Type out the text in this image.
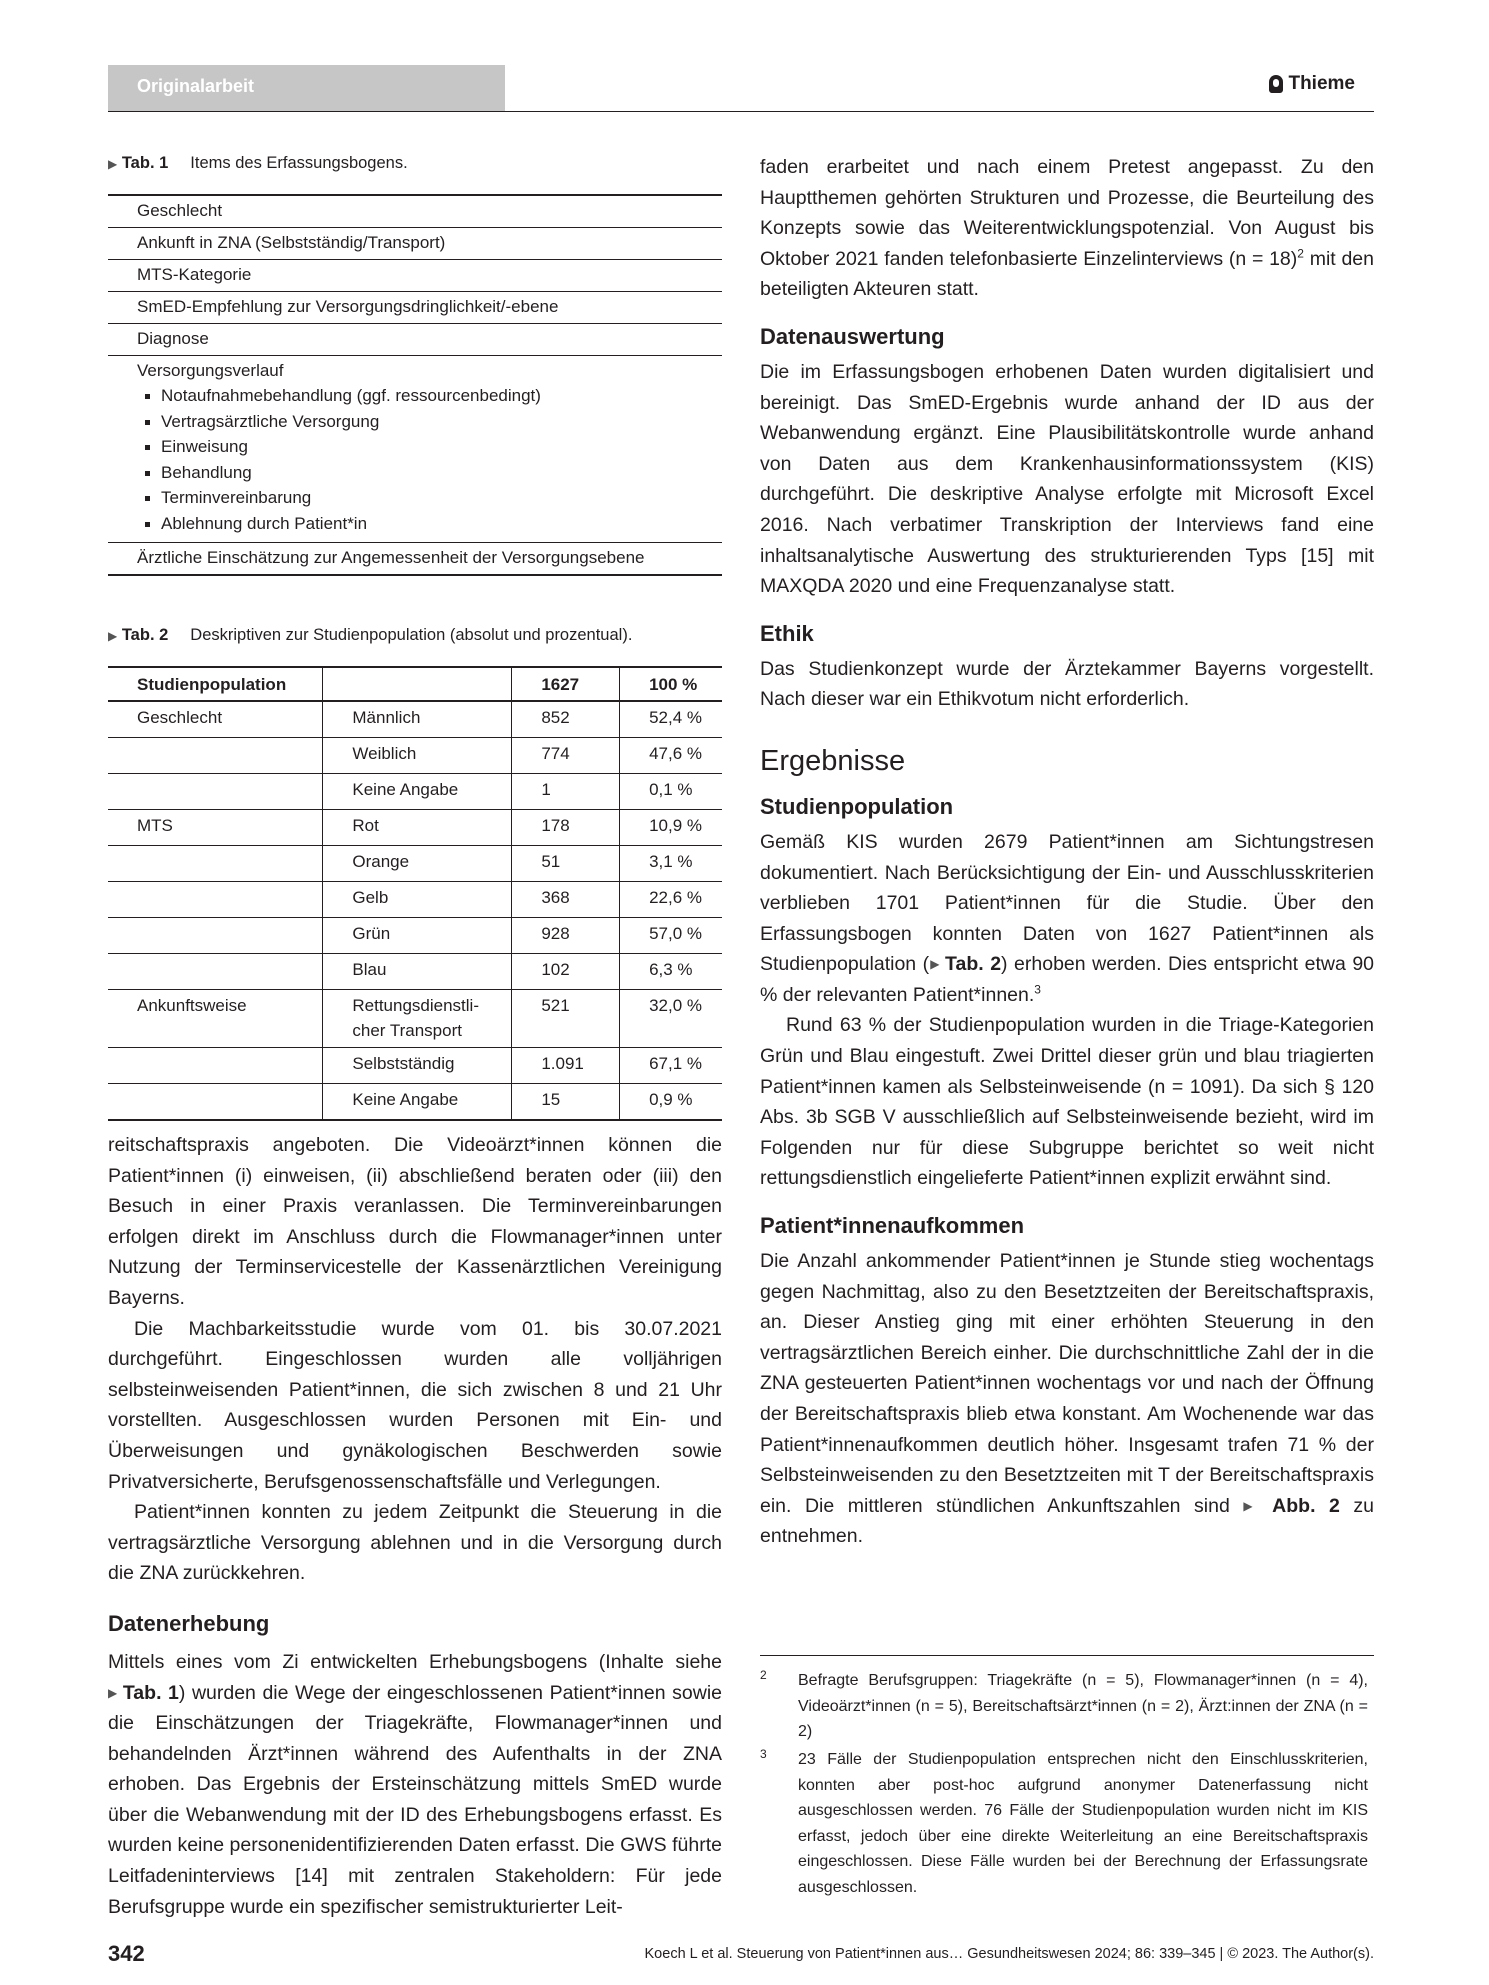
Originalarbeit	Thieme
▶ Tab. 1 Items des Erfassungsbogens.
Geschlecht
Ankunft in ZNA (Selbstständig/Transport)
MTS-Kategorie
SmED-Empfehlung zur Versorgungsdringlichkeit/-ebene
Diagnose
Versorgungsverlauf
Notaufnahmebehandlung (ggf. ressourcenbedingt)
Vertragsärztliche Versorgung
Einweisung
Behandlung
Terminvereinbarung
Ablehnung durch Patient*in
Ärztliche Einschätzung zur Angemessenheit der Versorgungsebene
▶ Tab. 2 Deskriptiven zur Studienpopulation (absolut und prozentual).
Studienpopulation		1627	100 %
Geschlecht	Männlich	852	52,4 %
	Weiblich	774	47,6 %
	Keine Angabe	1	0,1 %
MTS	Rot	178	10,9 %
	Orange	51	3,1 %
	Gelb	368	22,6 %
	Grün	928	57,0 %
	Blau	102	6,3 %
Ankunftsweise	Rettungsdienstli-cher Transport	521	32,0 %
	Selbstständig	1.091	67,1 %
	Keine Angabe	15	0,9 %

reitschaftspraxis angeboten. Die Videoärzt*innen können die Patient*innen (i) einweisen, (ii) abschließend beraten oder (iii) den Besuch in einer Praxis veranlassen. Die Terminvereinbarungen erfolgen direkt im Anschluss durch die Flowmanager*innen unter Nutzung der Terminservicestelle der Kassenärztlichen Vereinigung Bayerns.

Die Machbarkeitsstudie wurde vom 01. bis 30.07.2021 durchgeführt. Eingeschlossen wurden alle volljährigen selbsteinweisenden Patient*innen, die sich zwischen 8 und 21 Uhr vorstellten. Ausgeschlossen wurden Personen mit Ein- und Überweisungen und gynäkologischen Beschwerden sowie Privatversicherte, Berufsgenossenschaftsfälle und Verlegungen.

Patient*innen konnten zu jedem Zeitpunkt die Steuerung in die vertragsärztliche Versorgung ablehnen und in die Versorgung durch die ZNA zurückkehren.

Datenerhebung

Mittels eines vom Zi entwickelten Erhebungsbogens (Inhalte siehe ▶ Tab. 1) wurden die Wege der eingeschlossenen Patient*innen sowie die Einschätzungen der Triagekräfte, Flowmanager*innen und behandelnden Ärzt*innen während des Aufenthalts in der ZNA erhoben. Das Ergebnis der Ersteinschätzung mittels SmED wurde über die Webanwendung mit der ID des Erhebungsbogens erfasst. Es wurden keine personenidentifizierenden Daten erfasst. Die GWS führte Leitfadeninterviews [14] mit zentralen Stakeholdern: Für jede Berufsgruppe wurde ein spezifischer semistrukturierter Leit-

faden erarbeitet und nach einem Pretest angepasst. Zu den Hauptthemen gehörten Strukturen und Prozesse, die Beurteilung des Konzepts sowie das Weiterentwicklungspotenzial. Von August bis Oktober 2021 fanden telefonbasierte Einzelinterviews (n = 18)$^2$ mit den beteiligten Akteuren statt.

Datenauswertung

Die im Erfassungsbogen erhobenen Daten wurden digitalisiert und bereinigt. Das SmED-Ergebnis wurde anhand der ID aus der Webanwendung ergänzt. Eine Plausibilitätskontrolle wurde anhand von Daten aus dem Krankenhausinformationssystem (KIS) durchgeführt. Die deskriptive Analyse erfolgte mit Microsoft Excel 2016. Nach verbatimer Transkription der Interviews fand eine inhaltsanalytische Auswertung des strukturierenden Typs [15] mit MAXQDA 2020 und eine Frequenzanalyse statt.

Ethik

Das Studienkonzept wurde der Ärztekammer Bayerns vorgestellt. Nach dieser war ein Ethikvotum nicht erforderlich.

Ergebnisse
Studienpopulation

Gemäß KIS wurden 2679 Patient*innen am Sichtungstresen dokumentiert. Nach Berücksichtigung der Ein- und Ausschlusskriterien verblieben 1701 Patient*innen für die Studie. Über den Erfassungsbogen konnten Daten von 1627 Patient*innen als Studienpopulation ( ▶ Tab. 2) erhoben werden. Dies entspricht etwa 90 % der relevanten Patient*innen.$^3$

Rund 63 % der Studienpopulation wurden in die Triage-Kategorien Grün und Blau eingestuft. Zwei Drittel dieser grün und blau triagierten Patient*innen kamen als Selbsteinweisende (n = 1091). Da sich § 120 Abs. 3b SGB V ausschließlich auf Selbsteinweisende bezieht, wird im Folgenden nur für diese Subgruppe berichtet so weit nicht rettungsdienstlich eingelieferte Patient*innen explizit erwähnt sind.

Patient*innenaufkommen

Die Anzahl ankommender Patient*innen je Stunde stieg wochentags gegen Nachmittag, also zu den Besetztzeiten der Bereitschaftspraxis, an. Dieser Anstieg ging mit einer erhöhten Steuerung in den vertragsärztlichen Bereich einher. Die durchschnittliche Zahl der in die ZNA gesteuerten Patient*innen wochentags vor und nach der Öffnung der Bereitschaftspraxis blieb etwa konstant. Am Wochenende war das Patient*innenaufkommen deutlich höher. Insgesamt trafen 71 % der Selbsteinweisenden zu den Besetztzeiten mit T der Bereitschaftspraxis ein. Die mittleren stündlichen Ankunftszahlen sind ▶ Abb. 2 zu entnehmen.

2 Befragte Berufsgruppen: Triagekräfte (n = 5), Flowmanager*innen (n = 4), Videoärzt*innen (n = 5), Bereitschaftsärzt*innen (n = 2), Ärzt:innen der ZNA (n = 2)
3 23 Fälle der Studienpopulation entsprechen nicht den Einschlusskriterien, konnten aber post-hoc aufgrund anonymer Datenerfassung nicht ausgeschlossen werden. 76 Fälle der Studienpopulation wurden nicht im KIS erfasst, jedoch über eine direkte Weiterleitung an eine Bereitschaftspraxis eingeschlossen. Diese Fälle wurden bei der Berechnung der Erfassungsrate ausgeschlossen.
342	Koech L et al. Steuerung von Patient*innen aus… Gesundheitswesen 2024; 86: 339–345 | © 2023. The Author(s).
